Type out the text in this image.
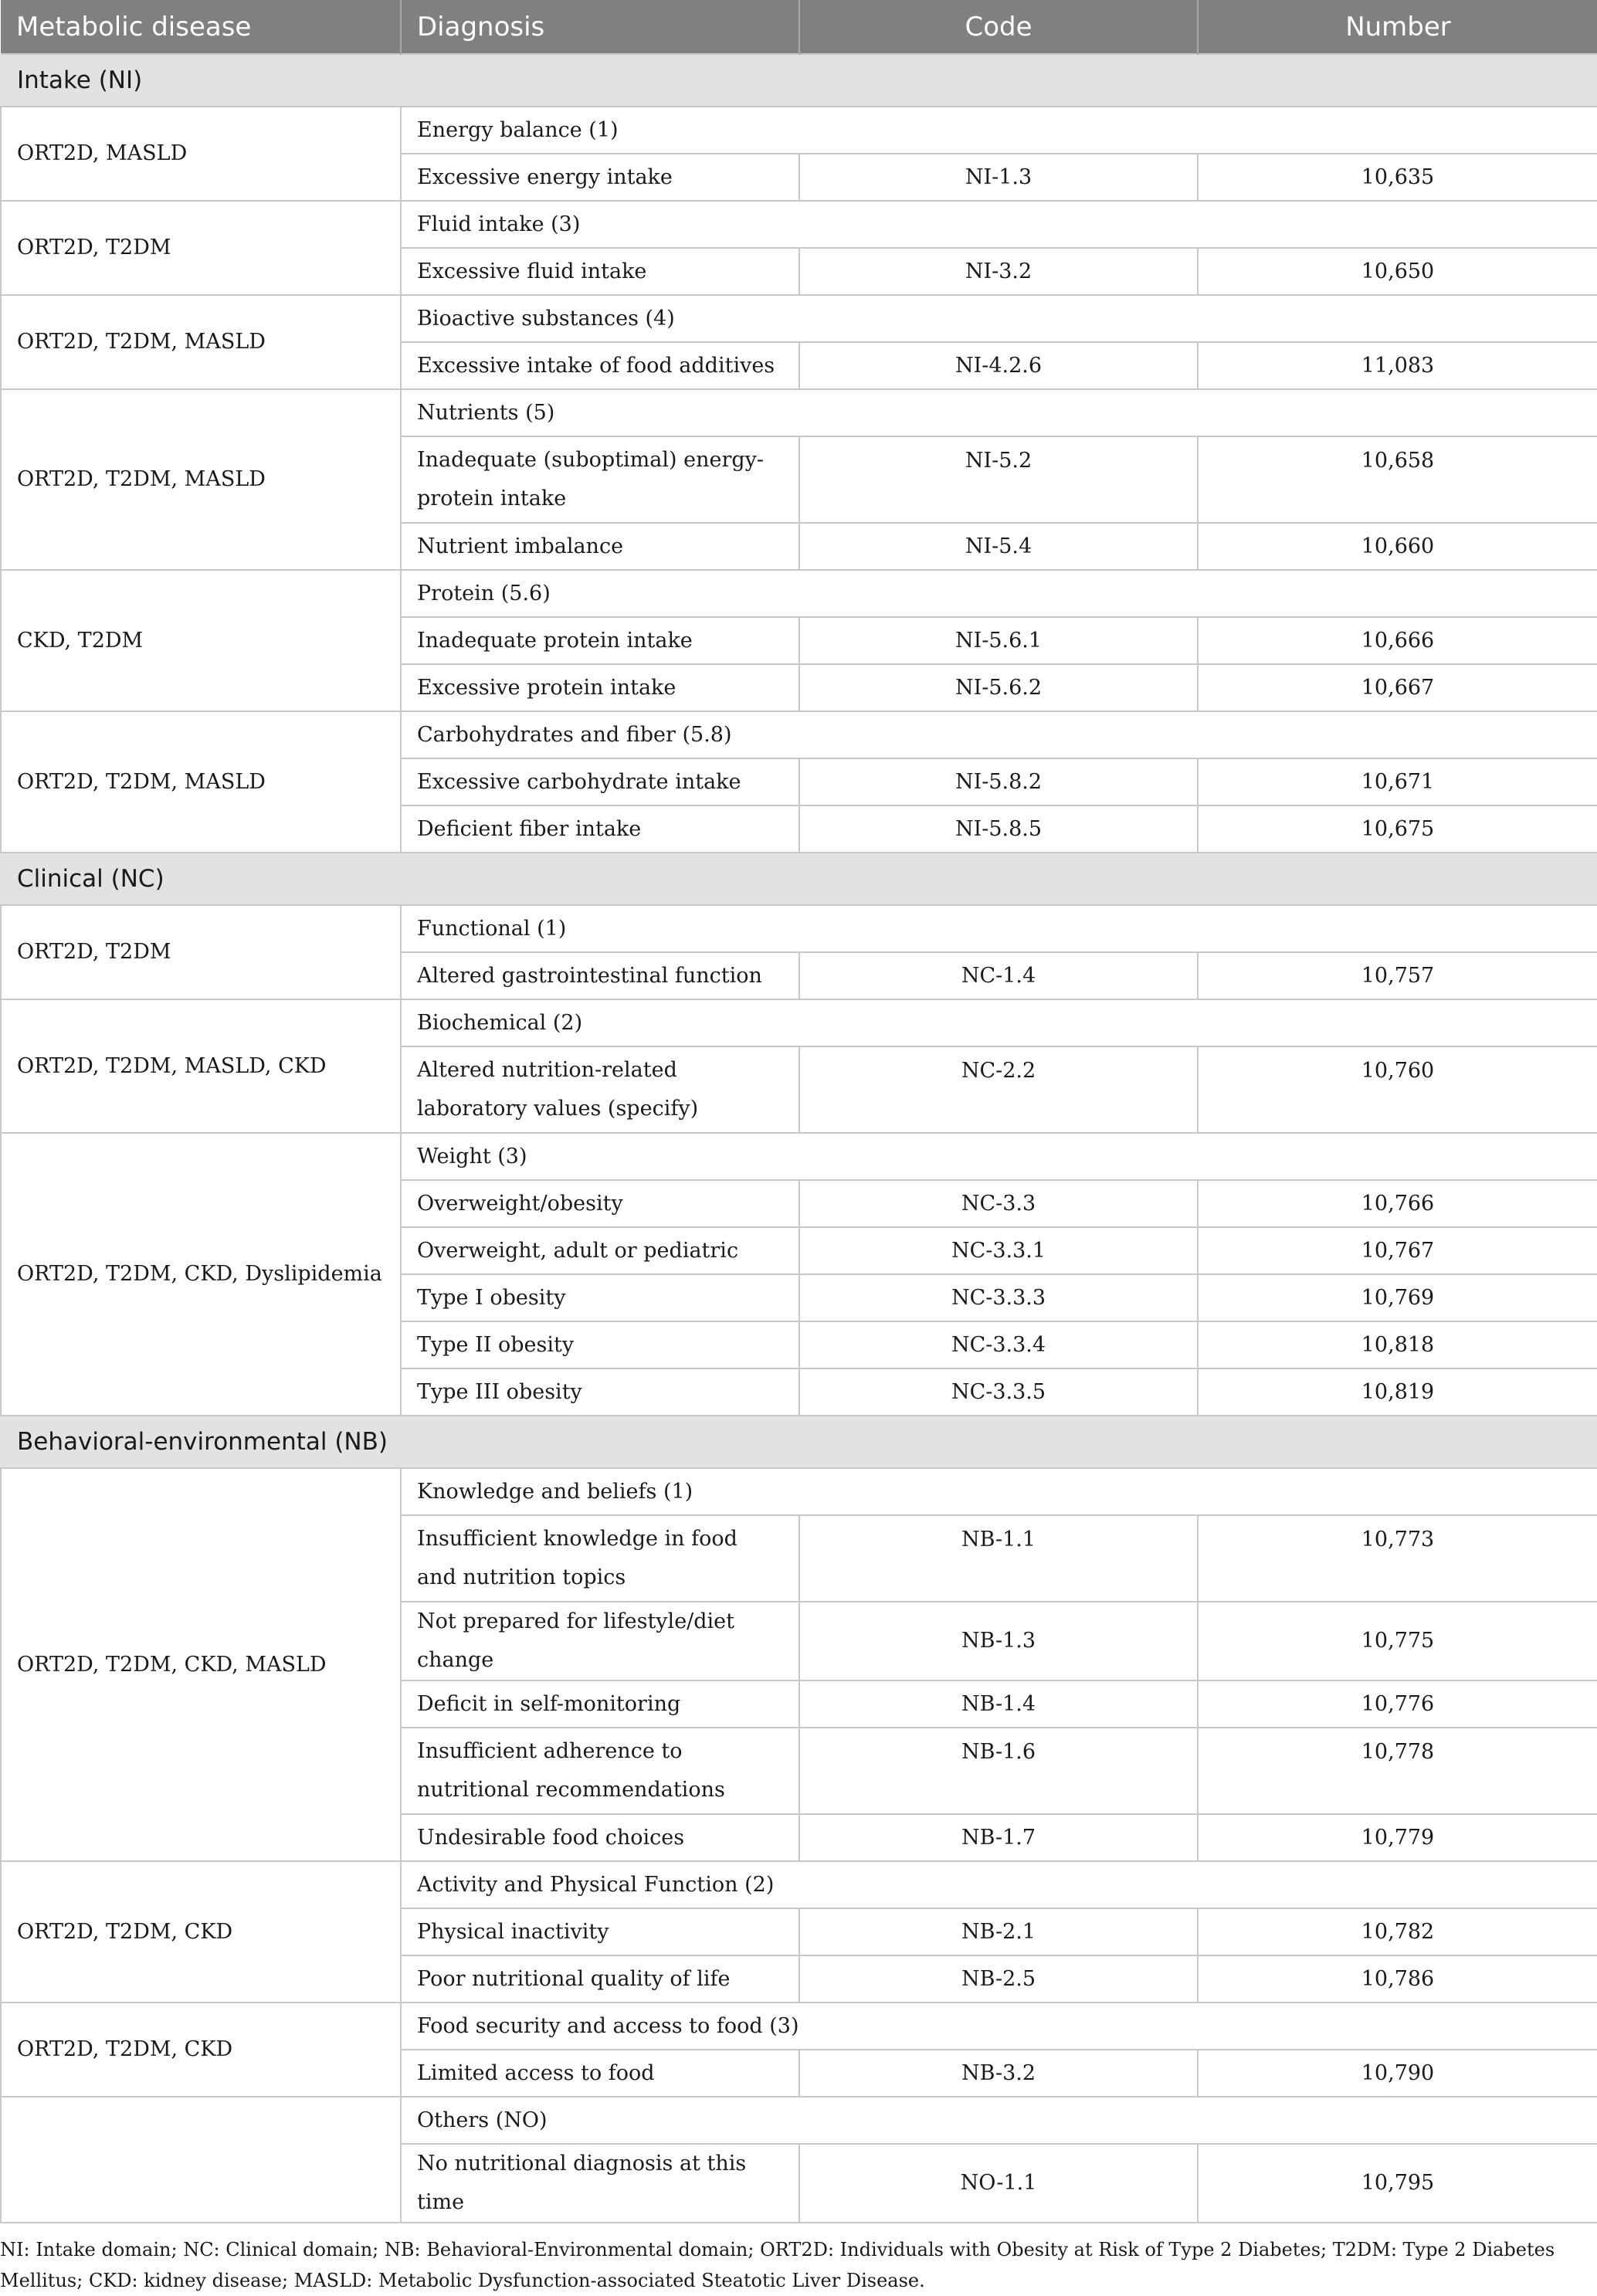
Metabolic disease	Diagnosis	Code	Number
Intake (NI)			
ORT2D, MASLD	Energy balance (1)		
	Excessive energy intake	NI-1.3	10,635
ORT2D, T2DM	Fluid intake (3)		
	Excessive fluid intake	NI-3.2	10,650
ORT2D, T2DM, MASLD	Bioactive substances (4)		
	Excessive intake of food additives	NI-4.2.6	11,083
ORT2D, T2DM, MASLD	Nutrients (5)		
	Inadequate (suboptimal) energy-protein intake	NI-5.2	10,658
	Nutrient imbalance	NI-5.4	10,660
CKD, T2DM	Protein (5.6)		
	Inadequate protein intake	NI-5.6.1	10,666
	Excessive protein intake	NI-5.6.2	10,667
ORT2D, T2DM, MASLD	Carbohydrates and fiber (5.8)		
	Excessive carbohydrate intake	NI-5.8.2	10,671
	Deficient fiber intake	NI-5.8.5	10,675
Clinical (NC)			
ORT2D, T2DM	Functional (1)		
	Altered gastrointestinal function	NC-1.4	10,757
ORT2D, T2DM, MASLD, CKD	Biochemical (2)		
	Altered nutrition-related laboratory values (specify)	NC-2.2	10,760
ORT2D, T2DM, CKD, Dyslipidemia	Weight (3)		
	Overweight/obesity	NC-3.3	10,766
	Overweight, adult or pediatric	NC-3.3.1	10,767
	Type I obesity	NC-3.3.3	10,769
	Type II obesity	NC-3.3.4	10,818
	Type III obesity	NC-3.3.5	10,819
Behavioral-environmental (NB)			
ORT2D, T2DM, CKD, MASLD	Knowledge and beliefs (1)		
	Insufficient knowledge in food and nutrition topics	NB-1.1	10,773
	Not prepared for lifestyle/diet change	NB-1.3	10,775
	Deficit in self-monitoring	NB-1.4	10,776
	Insufficient adherence to nutritional recommendations	NB-1.6	10,778
	Undesirable food choices	NB-1.7	10,779
ORT2D, T2DM, CKD	Activity and Physical Function (2)		
	Physical inactivity	NB-2.1	10,782
	Poor nutritional quality of life	NB-2.5	10,786
ORT2D, T2DM, CKD	Food security and access to food (3)		
	Limited access to food	NB-3.2	10,790
	Others (NO)		
	No nutritional diagnosis at this time	NO-1.1	10,795

NI: Intake domain; NC: Clinical domain; NB: Behavioral-Environmental domain; ORT2D: Individuals with Obesity at Risk of Type 2 Diabetes; T2DM: Type 2 Diabetes Mellitus; CKD: kidney disease; MASLD: Metabolic Dysfunction-associated Steatotic Liver Disease.
